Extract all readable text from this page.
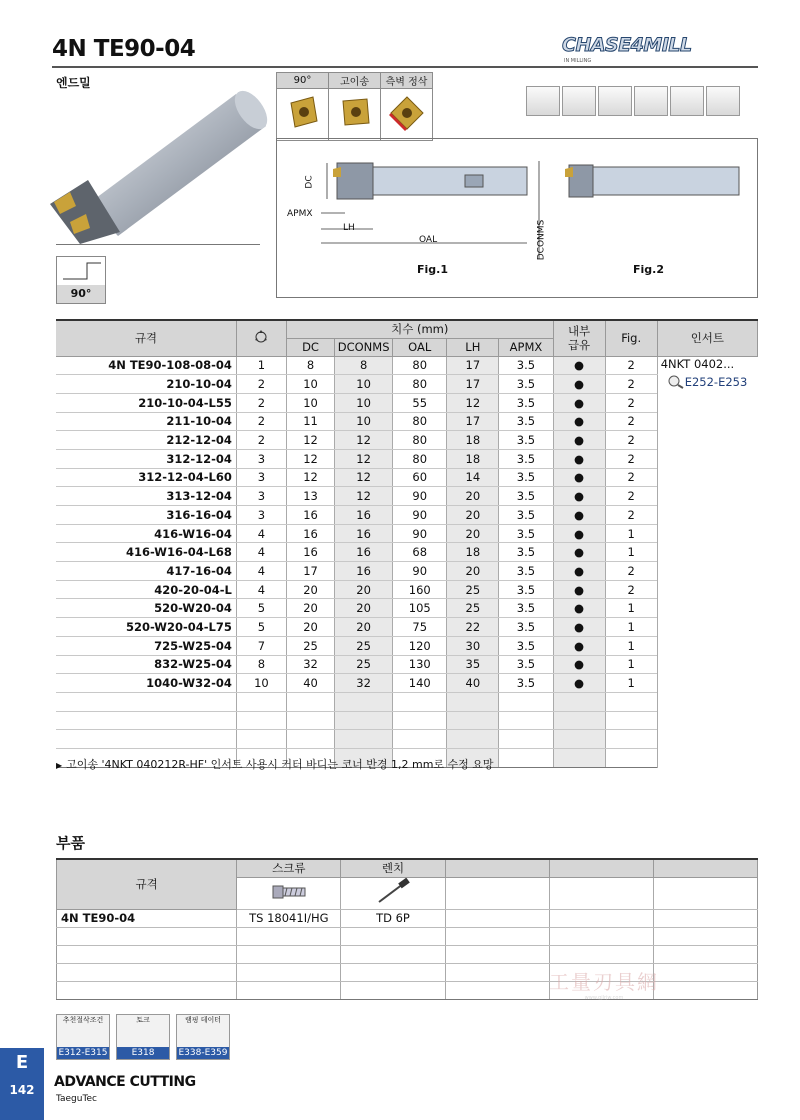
4N TE90-04
엔드밀
CHASE4MILL
IN MILLING
90°
90°	고이송	측벽 정삭

DC
APMX
LH
OAL	DCONMS
Fig.1	Fig.2
규격		치수 (mm)					내부
급유	Fig.	인서트
		DC	DCONMS	OAL	LH	APMX			
4N TE90-108-08-04	1	8	8	80	17	3.5	●	2	4NKT 0402...
E252-E253

210-10-04	2	10	10	80	17	3.5	●	2	
210-10-04-L55	2	10	10	55	12	3.5	●	2	
211-10-04	2	11	10	80	17	3.5	●	2	
212-12-04	2	12	12	80	18	3.5	●	2	
312-12-04	3	12	12	80	18	3.5	●	2	
312-12-04-L60	3	12	12	60	14	3.5	●	2	
313-12-04	3	13	12	90	20	3.5	●	2	
316-16-04	3	16	16	90	20	3.5	●	2	
416-W16-04	4	16	16	90	20	3.5	●	1	
416-W16-04-L68	4	16	16	68	18	3.5	●	1	
417-16-04	4	17	16	90	20	3.5	●	2	
420-20-04-L	4	20	20	160	25	3.5	●	2	
520-W20-04	5	20	20	105	25	3.5	●	1	
520-W20-04-L75	5	20	20	75	22	3.5	●	1	
725-W25-04	7	25	25	120	30	3.5	●	1	
832-W25-04	8	32	25	130	35	3.5	●	1	
1040-W32-04	10	40	32	140	40	3.5	●	1	

▶ 고이송 '4NKT 040212R-HF' 인서트 사용시 커터 바디는 코너 반경 1,2 mm로 수정 요망
부품
규격	스크류	렌치			

4N TE90-04	TS 18041I/HG	TD 6P			

工量刃具網
www.gjlrjw.com
추천절삭조건
E312-E315
토크
E318
램핑 데이터
E338-E359
E
142	ADVANCE CUTTING
TaeguTec
